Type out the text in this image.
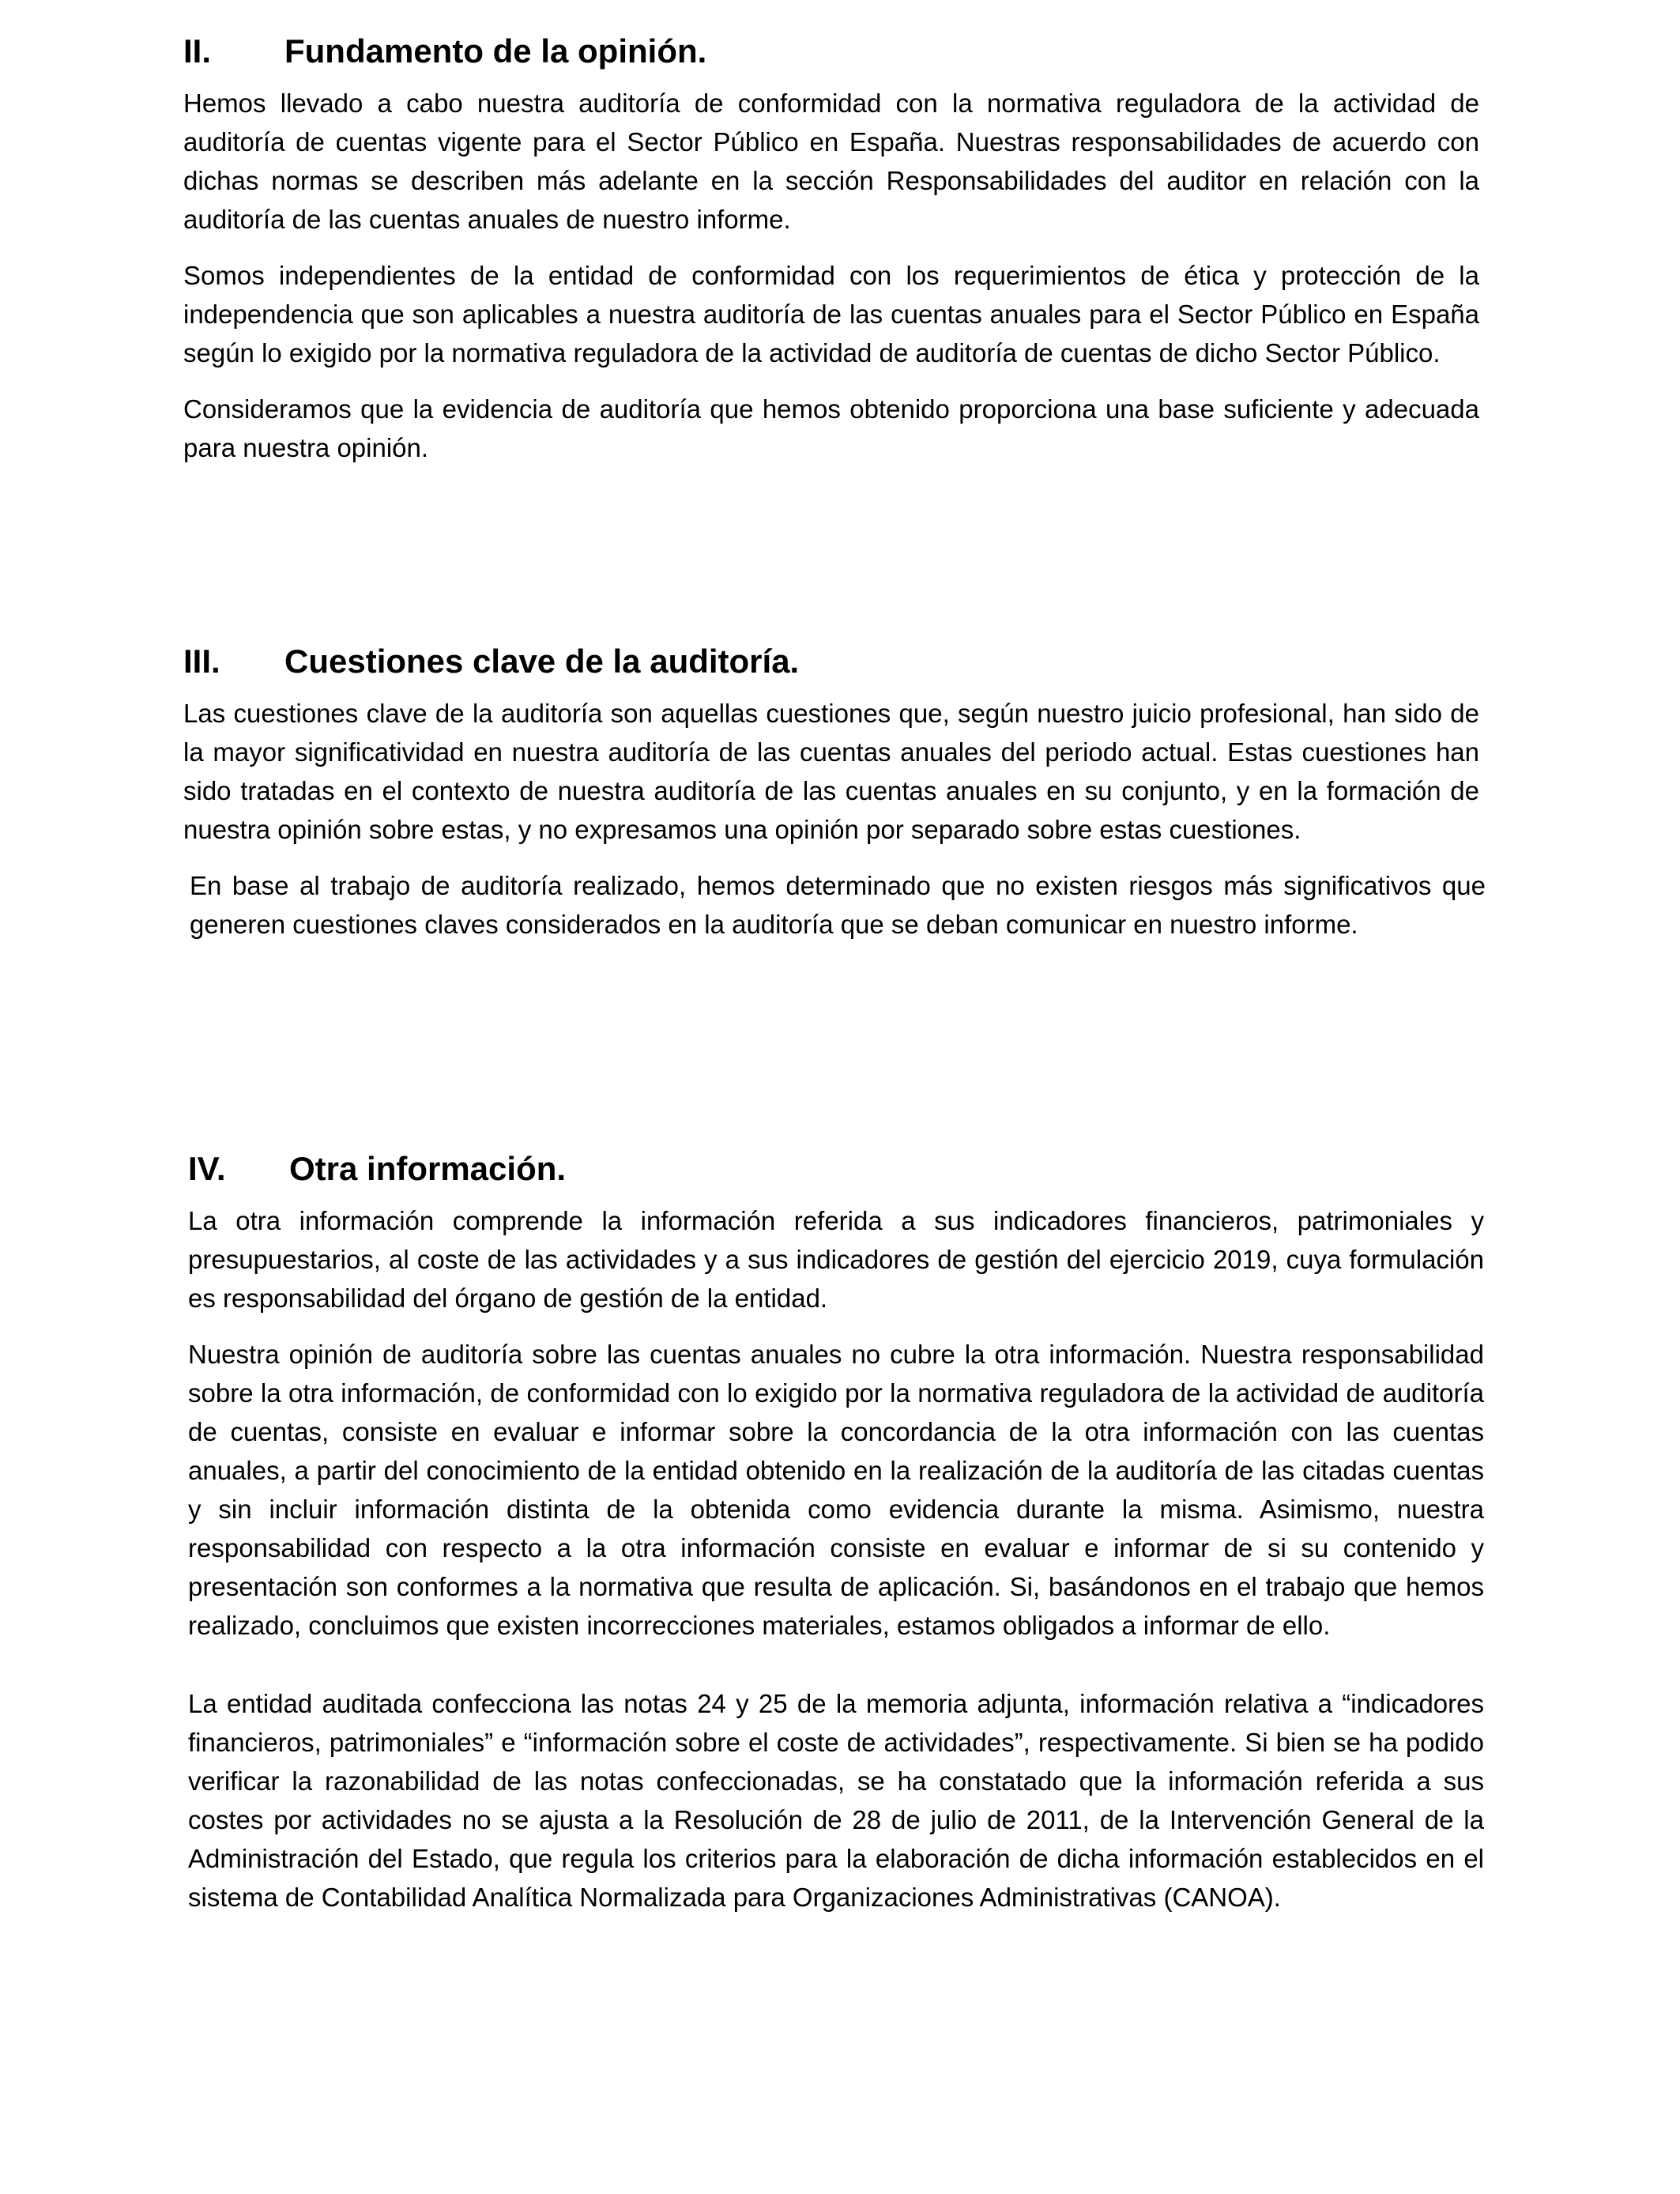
II.	Fundamento de la opinión.

Hemos llevado a cabo nuestra auditoría de conformidad con la normativa reguladora de la actividad de auditoría de cuentas vigente para el Sector Público en España. Nuestras responsabilidades de acuerdo con dichas normas se describen más adelante en la sección Responsabilidades del auditor en relación con la auditoría de las cuentas anuales de nuestro informe.

Somos independientes de la entidad de conformidad con los requerimientos de ética y protección de la independencia que son aplicables a nuestra auditoría de las cuentas anuales para el Sector Público en España según lo exigido por la normativa reguladora de la actividad de auditoría de cuentas de dicho Sector Público.

Consideramos que la evidencia de auditoría que hemos obtenido proporciona una base suficiente y adecuada para nuestra opinión.

III.	Cuestiones clave de la auditoría.

Las cuestiones clave de la auditoría son aquellas cuestiones que, según nuestro juicio profesional, han sido de la mayor significatividad en nuestra auditoría de las cuentas anuales del periodo actual. Estas cuestiones han sido tratadas en el contexto de nuestra auditoría de las cuentas anuales en su conjunto, y en la formación de nuestra opinión sobre estas, y no expresamos una opinión por separado sobre estas cuestiones.

En base al trabajo de auditoría realizado, hemos determinado que no existen riesgos más significativos que generen cuestiones claves considerados en la auditoría que se deban comunicar en nuestro informe.

IV.	Otra información.

La otra información comprende la información referida a sus indicadores financieros, patrimoniales y presupuestarios, al coste de las actividades y a sus indicadores de gestión del ejercicio 2019, cuya formulación es responsabilidad del órgano de gestión de la entidad.

Nuestra opinión de auditoría sobre las cuentas anuales no cubre la otra información. Nuestra responsabilidad sobre la otra información, de conformidad con lo exigido por la normativa reguladora de la actividad de auditoría de cuentas, consiste en evaluar e informar sobre la concordancia de la otra información con las cuentas anuales, a partir del conocimiento de la entidad obtenido en la realización de la auditoría de las citadas cuentas y sin incluir información distinta de la obtenida como evidencia durante la misma. Asimismo, nuestra responsabilidad con respecto a la otra información consiste en evaluar e informar de si su contenido y presentación son conformes a la normativa que resulta de aplicación. Si, basándonos en el trabajo que hemos realizado, concluimos que existen incorrecciones materiales, estamos obligados a informar de ello.

La entidad auditada confecciona las notas 24 y 25 de la memoria adjunta, información relativa a “indicadores financieros, patrimoniales” e “información sobre el coste de actividades”, respectivamente. Si bien se ha podido verificar la razonabilidad de las notas confeccionadas, se ha constatado que la información referida a sus costes por actividades no se ajusta a la Resolución de 28 de julio de 2011, de la Intervención General de la Administración del Estado, que regula los criterios para la elaboración de dicha información establecidos en el sistema de Contabilidad Analítica Normalizada para Organizaciones Administrativas (CANOA).
